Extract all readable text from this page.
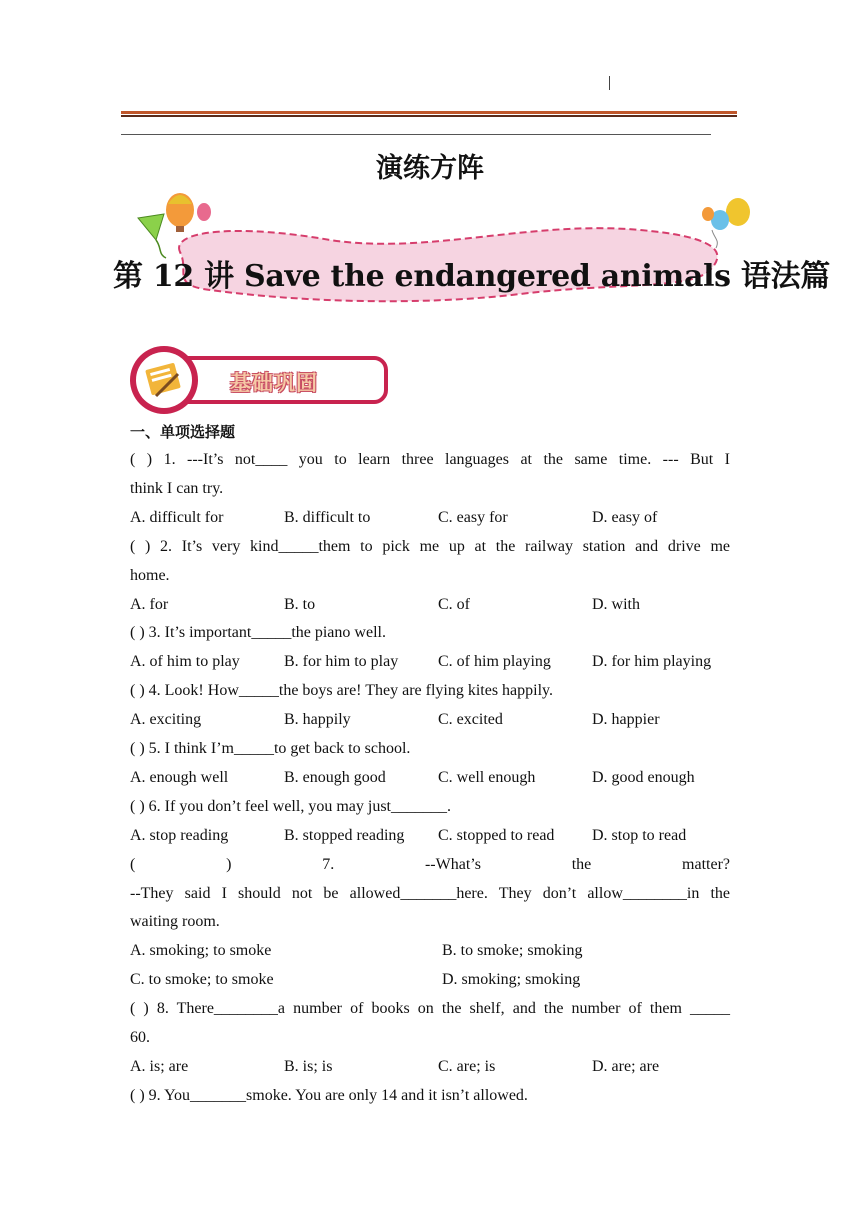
演练方阵
第 12 讲 Save the endangered animals 语法篇
基础巩固
一、单项选择题
( ) 1. ---It’s not____ you to learn three languages at the same time. --- But I
think I can try.
A. difficult for	B. difficult to	C. easy for	D. easy of
( ) 2. It’s very kind_____them to pick me up at the railway station and drive me
home.
A. for	B. to	C. of	D. with
( ) 3. It’s important_____the piano well.
A. of him to play	B. for him to play C. of him playing	D. for him playing
( ) 4. Look! How_____the boys are! They are flying kites happily.
A. exciting	B. happily	C. excited	D. happier
( ) 5. I think I’m_____to get back to school.
A. enough well	B. enough good	C. well enough	D. good enough
( ) 6. If you don’t feel well, you may just_______.
A. stop reading	B. stopped reading C. stopped to read D. stop to read
( ) 7. --What’s the matter?
--They said I should not be allowed_______here. They don’t allow________in the
waiting room.
A. smoking; to smoke	B. to smoke; smoking
C. to smoke; to smoke	D. smoking; smoking
( ) 8. There________a number of books on the shelf, and the number of them _____
60.
A. is; are	B. is; is	C. are; is	D. are; are
( ) 9. You_______smoke. You are only 14 and it isn’t allowed.
